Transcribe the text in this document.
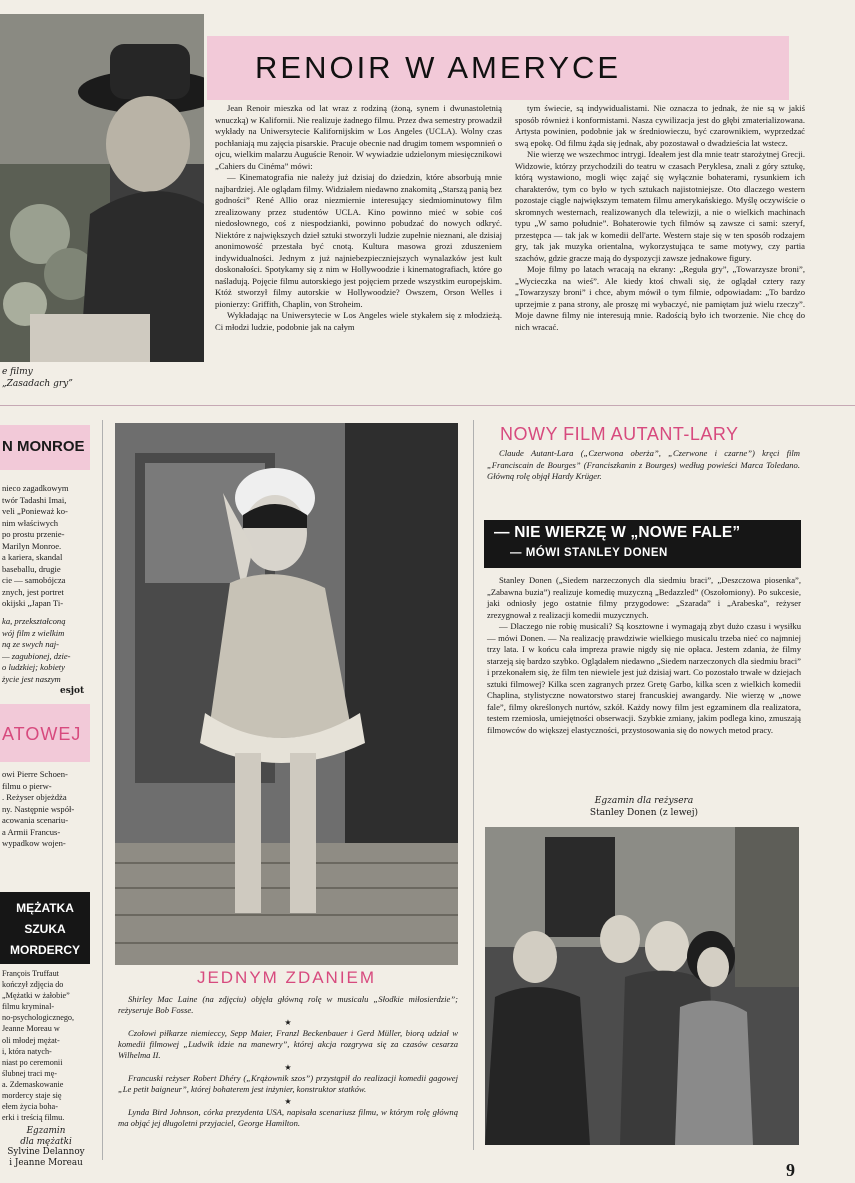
RENOIR W AMERYCE

Jean Renoir mieszka od lat wraz z rodziną (żoną, synem i dwunastoletnią wnuczką) w Kalifornii. Nie realizuje żadnego filmu. Przez dwa semestry prowadził wykłady na Uniwersytecie Kalifornijskim w Los Angeles (UCLA). Wolny czas pochłaniają mu zajęcia pisarskie. Pracuje obecnie nad drugim tomem wspomnień o ojcu, wielkim malarzu Auguście Renoir. W wywiadzie udzielonym miesięcznikowi „Cahiers du Cinéma” mówi:

— Kinematografia nie należy już dzisiaj do dziedzin, które absorbują mnie najbardziej. Ale oglądam filmy. Widziałem niedawno znakomitą „Starszą panią bez godności” René Allio oraz niezmiernie interesujący siedmiominutowy film zrealizowany przez studentów UCLA. Kino powinno mieć w sobie coś niedosłownego, coś z niespodzianki, powinno pobudzać do nowych odkryć. Niektóre z największych dzieł sztuki stworzyli ludzie zupełnie nieznani, ale dzisiaj anonimowość przestała być cnotą. Kultura masowa grozi zduszeniem indywidualności. Jednym z już najniebezpieczniejszych wynalazków jest kult doskonałości. Spotykamy się z nim w Hollywoodzie i kinematografiach, które go naśladują. Pojęcie filmu autorskiego jest pojęciem przede wszystkim europejskim. Któż stworzył filmy autorskie w Hollywoodzie? Owszem, Orson Welles i pionierzy: Griffith, Chaplin, von Stroheim.

Wykładając na Uniwersytecie w Los Angeles wiele stykałem się z młodzieżą. Ci młodzi ludzie, podobnie jak na całym

tym świecie, są indywidualistami. Nie oznacza to jednak, że nie są w jakiś sposób również i konformistami. Nasza cywilizacja jest do głębi zmaterializowana. Artysta powinien, podobnie jak w średniowieczu, być czarownikiem, wyprzedzać swą epokę. Od filmu żąda się jednak, aby pozostawał o dwadzieścia lat wstecz.

Nie wierzę we wszechmoc intrygi. Ideałem jest dla mnie teatr starożytnej Grecji. Widzowie, którzy przychodzili do teatru w czasach Peryklesa, znali z góry sztukę, którą wystawiono, mogli więc zająć się wyłącznie bohaterami, rysunkiem ich charakterów, tym co było w tych sztukach najistotniejsze. Oto dlaczego western pozostaje ciągle największym tematem filmu amerykańskiego. Myślę oczywiście o skromnych westernach, realizowanych dla telewizji, a nie o wielkich machinach typu „W samo południe”. Bohaterowie tych filmów są zawsze ci sami: szeryf, przestępca — tak jak w komedii dell'arte. Western staje się w ten sposób rodzajem gry, tak jak muzyka orientalna, wykorzystująca te same motywy, czy partia szachów, gdzie gracze mają do dyspozycji zawsze jednakowe figury.

Moje filmy po latach wracają na ekrany: „Reguła gry”, „Towarzysze broni”, „Wycieczka na wieś”. Ale kiedy ktoś chwali się, że oglądał cztery razy „Towarzyszy broni” i chce, abym mówił o tym filmie, odpowiadam: „To bardzo uprzejmie z pana strony, ale proszę mi wybaczyć, nie pamiętam już wielu rzeczy”. Moje dawne filmy nie interesują mnie. Radością było ich tworzenie. Nie chcę do nich wracać.

e filmy
„Zasadach gry”
N MONROE
niecо zagadkowym
twór Tadashi Imai,
veli „Ponieważ ko-
nim właściwych
po prostu przenie-
Marilyn Monroe.
a kariera, skandal
baseballu, drugie
cie — samobójcza
znych, jest portret
okijski „Japan Ti-
ka, przekształconą
wój film z wielkim
ną ze swych naj-
— zagubionej, dzie-
o ludzkiej; kobiety
życie jest naszym
esjot
ATOWEJ
owi Pierre Schoen-
filmu o pierw-
. Reżyser objeżdża
ny. Następnie współ-
acowania scenariu-
a Armii Francus-
wypadkow wojen-
MĘŻATKA
SZUKA
MORDERCY
François Truffaut
kończył zdjęcia do
„Mężatki w żałobie”
filmu kryminal-
no-psychologicznego,
Jeanne Moreau w
oli młodej mężat-
i, która natych-
niast po ceremonii
ślubnej traci mę-
a. Zdemaskowanie
mordercy staje się
ełem życia boha-
erki i treścią filmu.
Egzamin
dla mężatki
Sylvine Delannoy
i Jeanne Moreau
JEDNYM ZDANIEM
Shirley Mac Laine (na zdjęciu) objęła główną rolę w musicalu „Słodkie miłosierdzie”; reżyseruje Bob Fosse.
★
Czołowi piłkarze niemieccy, Sepp Maier, Franzl Beckenbauer i Gerd Müller, biorą udział w komedii filmowej „Ludwik idzie na manewry”, której akcja rozgrywa się za czasów cesarza Wilhelma II.
★
Francuski reżyser Robert Dhéry („Krążownik szos”) przystąpił do realizacji komedii gagowej „Le petit baigneur”, której bohaterem jest inżynier, konstruktor statków.
★
Lynda Bird Johnson, córka prezydenta USA, napisała scenariusz filmu, w którym rolę główną ma objąć jej długoletni przyjaciel, George Hamilton.
NOWY FILM AUTANT-LARY

Claude Autant-Lara („Czerwona oberża”, „Czerwone i czarne”) kręci film „Franciscain de Bourges” (Franciszkanin z Bourges) według powieści Marca Toledano. Główną rolę objął Hardy Krüger.

— NIE WIERZĘ W „NOWE FALE”
— MÓWI STANLEY DONEN

Stanley Donen („Siedem narzeczonych dla siedmiu braci”, „Deszczowa piosenka”, „Zabawna buzia”) realizuje komedię muzyczną „Bedazzled” (Oszołomiony). Po sukcesie, jaki odniosły jego ostatnie filmy przygodowe: „Szarada” i „Arabeska”, reżyser zrezygnował z realizacji komedii muzycznych.

— Dlaczego nie robię musicali? Są kosztowne i wymagają zbyt dużo czasu i wysiłku — mówi Donen. — Na realizację prawdziwie wielkiego musicalu trzeba nieć co najmniej trzy lata. I w końcu cała impreza prawie nigdy się nie opłaca. Jestem zdania, że filmy starzeją się bardzo szybko. Oglądałem niedawno „Siedem narzeczonych dla siedmiu braci” i przekonałem się, że film ten niewiele jest już dzisiaj wart. Co pozostało trwałe w dziejach sztuki filmowej? Kilka scen zagranych przez Gretę Garbo, kilka scen z wielkich komedii Chaplina, stylistyczne nowatorstwo starej francuskiej awangardy. Nie wierzę w „nowe fale”, filmy określonych nurtów, szkół. Każdy nowy film jest egzaminem dla realizatora, testem rzemiosła, umiejętności obserwacji. Szybkie zmiany, jakim podlega kino, zmuszają filmowców do większej elastyczności, przystosowania się do nowych metod pracy.

Egzamin dla reżysera
Stanley Donen (z lewej)
9
